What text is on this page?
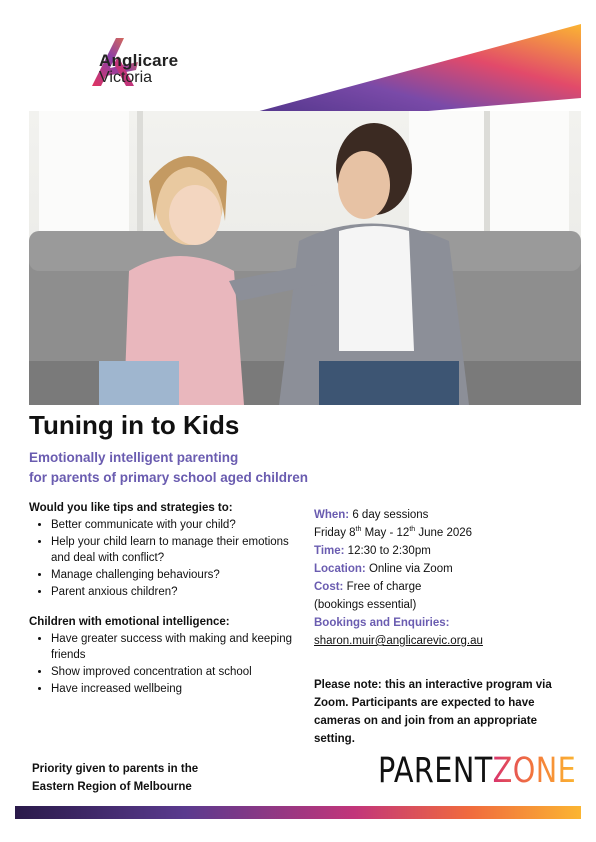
Anglicare
Victoria
Tuning in to Kids
Emotionally intelligent parenting
for parents of primary school aged children
Would you like tips and strategies to:
• Better communicate with your child?
• Help your child learn to manage their emotions and deal with conflict?
• Manage challenging behaviours?
• Parent anxious children?
Children with emotional intelligence:
• Have greater success with making and keeping friends
• Show improved concentration at school
• Have increased wellbeing
When: 6 day sessions
Friday 8th May - 12th June 2026
Time: 12:30 to 2:30pm
Location: Online via Zoom
Cost: Free of charge
(bookings essential)
Bookings and Enquiries:
sharon.muir@anglicarevic.org.au
Please note: this an interactive program via Zoom. Participants are expected to have cameras on and join from an appropriate setting.
Priority given to parents in the
Eastern Region of Melbourne	PARENTZONE
